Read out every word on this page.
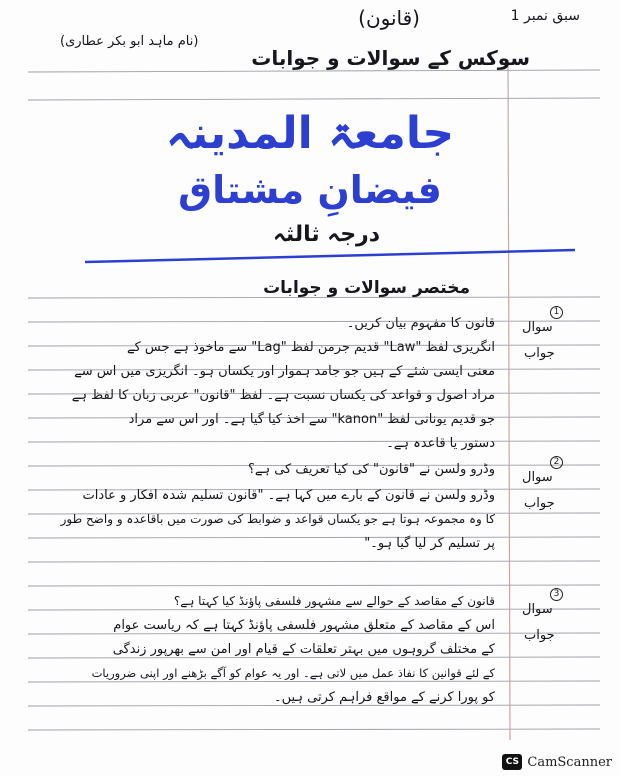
سبق نمبر 1
(قانون)
(نام ماہد ابو بکر عطاری)
سوکس کے سوالات و جوابات
جامعۃ المدینہ
فیضانِ مشتاق
درجہ ثالثہ
مختصر سوالات و جوابات
1
سوال
قانون کا مفہوم بیان کریں۔
جواب
انگریزی لفظ "Law" قدیم جرمن لفظ "Lag" سے ماخوذ ہے جس کے
معنی ایسی شئے کے ہیں جو جامد ہموار اور یکساں ہو۔ انگریزی میں اس سے
مراد اصول و قواعد کی یکساں نسبت ہے۔ لفظ "قانون" عربی زبان کا لفظ ہے
جو قدیم یونانی لفظ "kanon" سے اخذ کیا گیا ہے۔ اور اس سے مراد
دستور یا قاعدہ ہے۔
2
سوال
وڈرو ولسن نے "قانون" کی کیا تعریف کی ہے؟
جواب
وڈرو ولسن نے قانون کے بارے میں کہا ہے۔ "قانون تسلیم شدہ افکار و عادات
کا وہ مجموعہ ہوتا ہے جو یکساں قواعد و ضوابط کی صورت میں باقاعدہ و واضح طور
پر تسلیم کر لیا گیا ہو۔"
3
سوال
قانون کے مقاصد کے حوالے سے مشہور فلسفی پاؤنڈ کیا کہتا ہے؟
جواب
اس کے مقاصد کے متعلق مشہور فلسفی پاؤنڈ کہتا ہے کہ ریاست عوام
کے مختلف گروہوں میں بہتر تعلقات کے قیام اور امن سے بھرپور زندگی
کے لئے قوانین کا نفاذ عمل میں لاتی ہے۔ اور یہ عوام کو آگے بڑھنے اور اپنی ضروریات
کو پورا کرنے کے مواقع فراہم کرتی ہیں۔
CS CamScanner
